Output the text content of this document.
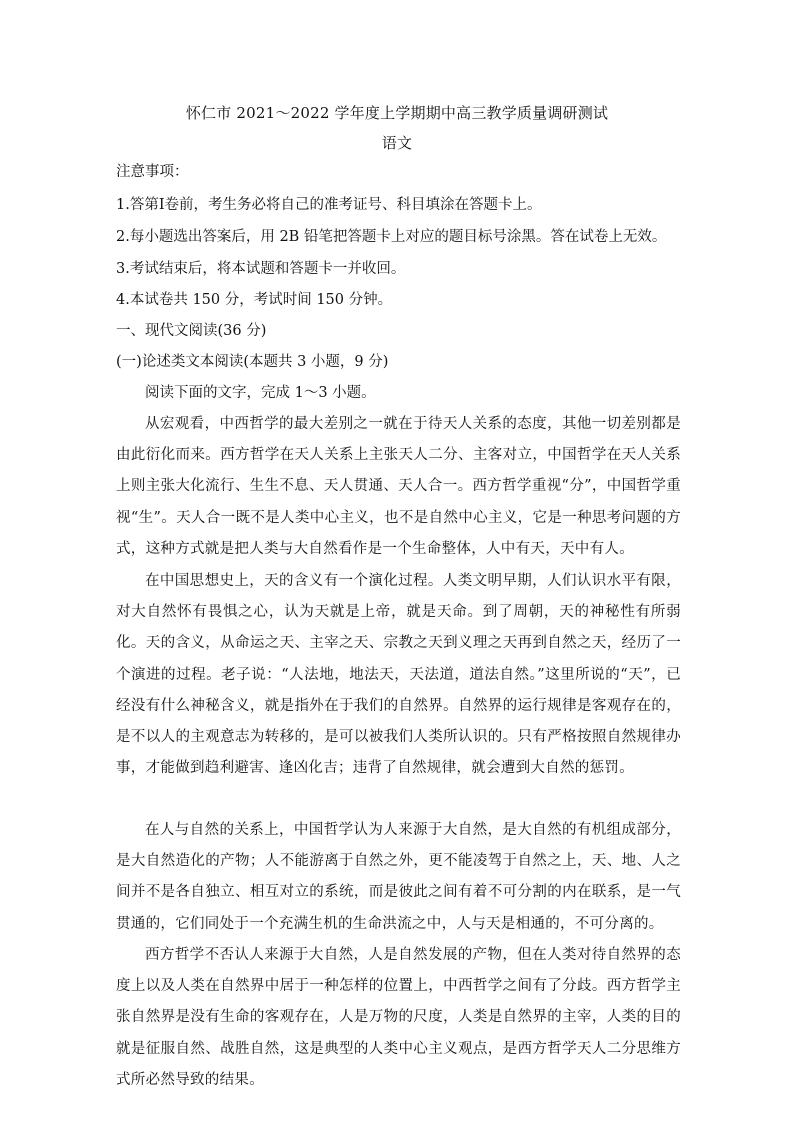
怀仁市 2021～2022 学年度上学期期中高三教学质量调研测试
语文
注意事项：
1.答第Ⅰ卷前，考生务必将自己的准考证号、科目填涂在答题卡上。
2.每小题选出答案后，用 2B 铅笔把答题卡上对应的题目标号涂黑。答在试卷上无效。
3.考试结束后，将本试题和答题卡一并收回。
4.本试卷共 150 分，考试时间 150 分钟。
一、现代文阅读(36 分)
(一)论述类文本阅读(本题共 3 小题，9 分)
阅读下面的文字，完成 1～3 小题。
从宏观看，中西哲学的最大差别之一就在于待天人关系的态度，其他一切差别都是由此衍化而来。西方哲学在天人关系上主张天人二分、主客对立，中国哲学在天人关系上则主张大化流行、生生不息、天人贯通、天人合一。西方哲学重视“分”，中国哲学重视“生”。天人合一既不是人类中心主义，也不是自然中心主义，它是一种思考问题的方式，这种方式就是把人类与大自然看作是一个生命整体，人中有天，天中有人。
在中国思想史上，天的含义有一个演化过程。人类文明早期，人们认识水平有限，对大自然怀有畏惧之心，认为天就是上帝，就是天命。到了周朝，天的神秘性有所弱化。天的含义，从命运之天、主宰之天、宗教之天到义理之天再到自然之天，经历了一个演进的过程。老子说：“人法地，地法天，天法道，道法自然。”这里所说的“天”，已经没有什么神秘含义，就是指外在于我们的自然界。自然界的运行规律是客观存在的，是不以人的主观意志为转移的，是可以被我们人类所认识的。只有严格按照自然规律办事，才能做到趋利避害、逢凶化吉；违背了自然规律，就会遭到大自然的惩罚。
在人与自然的关系上，中国哲学认为人来源于大自然，是大自然的有机组成部分，是大自然造化的产物；人不能游离于自然之外，更不能凌驾于自然之上，天、地、人之间并不是各自独立、相互对立的系统，而是彼此之间有着不可分割的内在联系，是一气贯通的，它们同处于一个充满生机的生命洪流之中，人与天是相通的，不可分离的。
西方哲学不否认人来源于大自然，人是自然发展的产物，但在人类对待自然界的态度上以及人类在自然界中居于一种怎样的位置上，中西哲学之间有了分歧。西方哲学主张自然界是没有生命的客观存在，人是万物的尺度，人类是自然界的主宰，人类的目的就是征服自然、战胜自然，这是典型的人类中心主义观点，是西方哲学天人二分思维方式所必然导致的结果。
